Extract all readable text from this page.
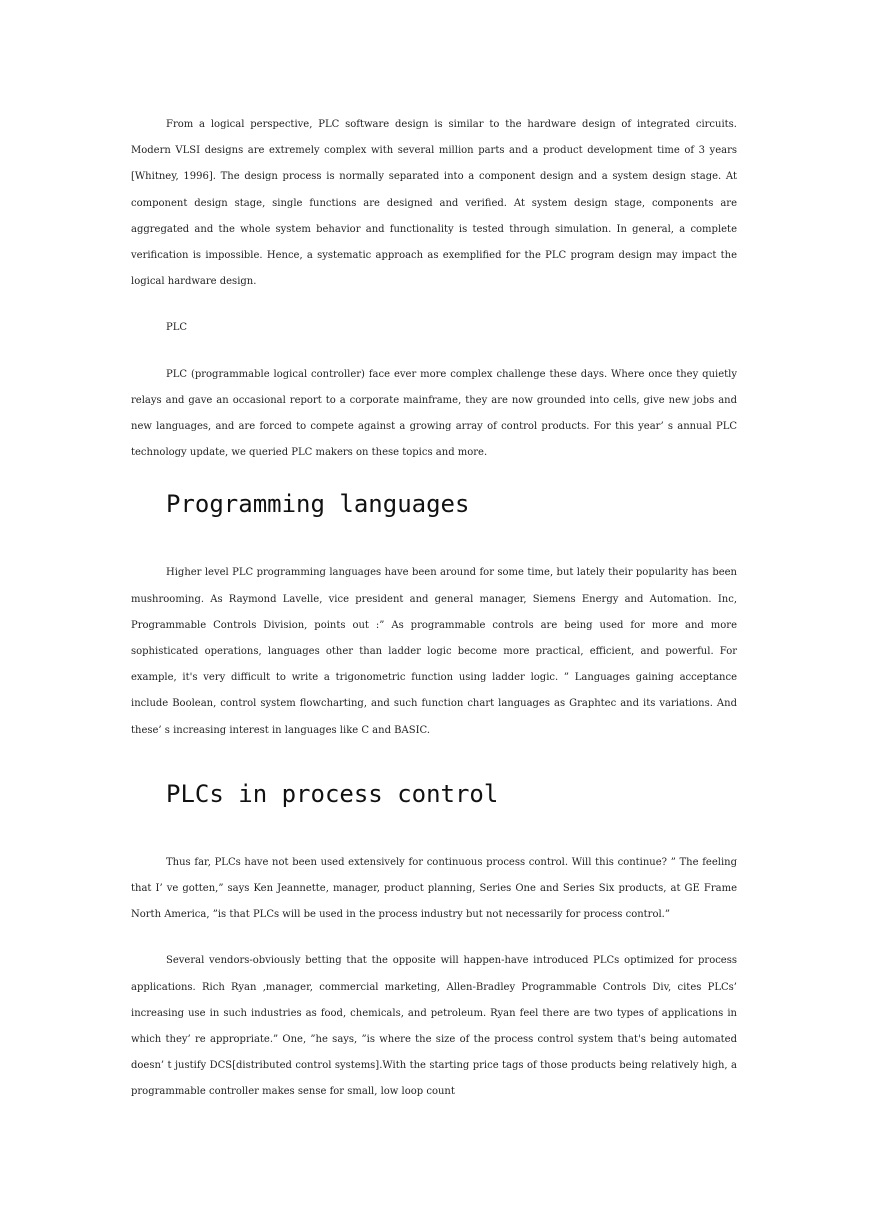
From a logical perspective, PLC software design is similar to the hardware design of integrated circuits. Modern VLSI designs are extremely complex with several million parts and a product development time of 3 years [Whitney, 1996]. The design process is normally separated into a component design and a system design stage. At component design stage, single functions are designed and verified. At system design stage, components are aggregated and the whole system behavior and functionality is tested through simulation. In general, a complete verification is impossible. Hence, a systematic approach as exemplified for the PLC program design may impact the logical hardware design.

PLC

PLC (programmable logical controller) face ever more complex challenge these days. Where once they quietly relays and gave an occasional report to a corporate mainframe, they are now grounded into cells, give new jobs and new languages, and are forced to compete against a growing array of control products. For this year’ s annual PLC technology update, we queried PLC makers on these topics and more.

Programming languages

Higher level PLC programming languages have been around for some time, but lately their popularity has been mushrooming. As Raymond Lavelle, vice president and general manager, Siemens Energy and Automation. Inc, Programmable Controls Division, points out :” As programmable controls are being used for more and more sophisticated operations, languages other than ladder logic become more practical, efficient, and powerful. For example, it's very difficult to write a trigonometric function using ladder logic. ” Languages gaining acceptance include Boolean, control system flowcharting, and such function chart languages as Graphtec and its variations. And these’ s increasing interest in languages like C and BASIC.

PLCs in process control

Thus far, PLCs have not been used extensively for continuous process control. Will this continue? ” The feeling that I’ ve gotten,” says Ken Jeannette, manager, product planning, Series One and Series Six products, at GE Frame North America, ”is that PLCs will be used in the process industry but not necessarily for process control.”

Several vendors-obviously betting that the opposite will happen-have introduced PLCs optimized for process applications. Rich Ryan ,manager, commercial marketing, Allen-Bradley Programmable Controls Div, cites PLCs’ increasing use in such industries as food, chemicals, and petroleum. Ryan feel there are two types of applications in which they’ re appropriate.” One, ”he says, ”is where the size of the process control system that's being automated doesn’ t justify DCS[distributed control systems].With the starting price tags of those products being relatively high, a programmable controller makes sense for small, low loop count
